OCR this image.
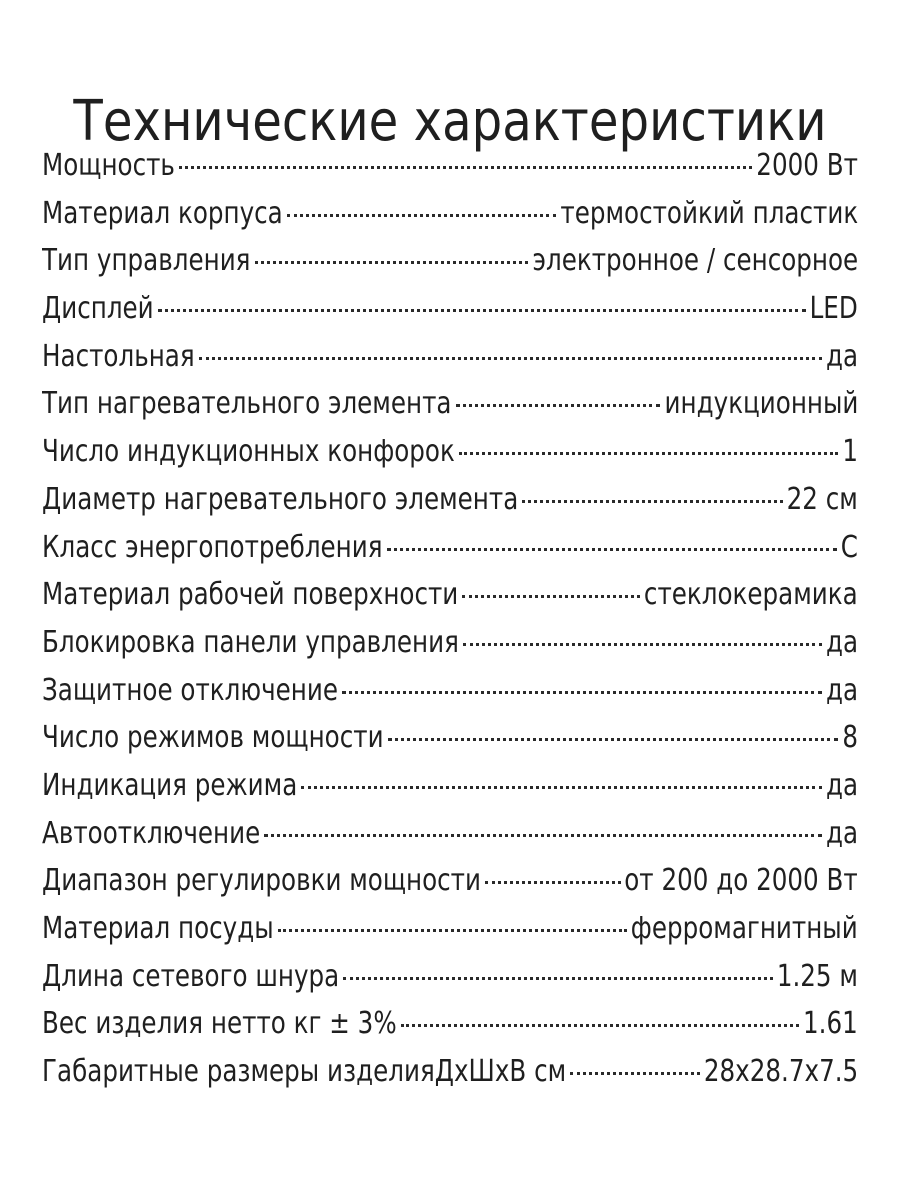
Технические характеристики
Мощность	2000 Вт
Материал корпуса	термостойкий пластик
Тип управления	электронное / сенсорное
Дисплей	LED
Настольная	да
Тип нагревательного элемента	индукционный
Число индукционных конфорок	1
Диаметр нагревательного элемента	22 см
Класс энергопотребления	C
Материал рабочей поверхности	стеклокерамика
Блокировка панели управления	да
Защитное отключение	да
Число режимов мощности	8
Индикация режима	да
Автоотключение	да
Диапазон регулировки мощности	от 200 до 2000 Вт
Материал посуды	ферромагнитный
Длина сетевого шнура	1.25 м
Вес изделия нетто кг ± 3%	1.61
Габаритные размеры изделияДхШхВ см	28x28.7x7.5
